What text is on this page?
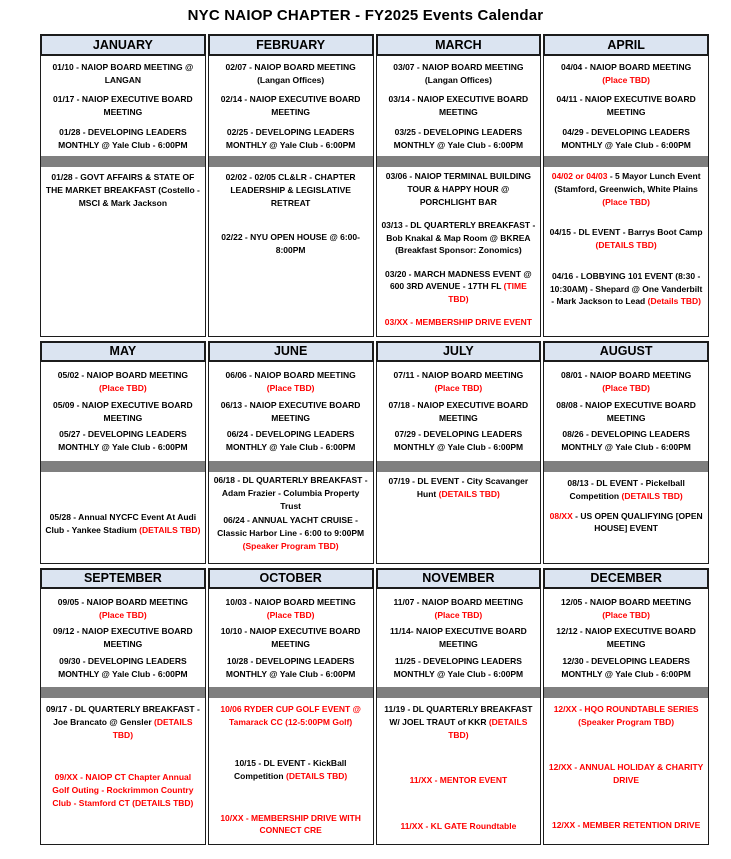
NYC NAIOP CHAPTER - FY2025 Events Calendar
JANUARY
01/10 - NAIOP BOARD MEETING @ LANGAN
01/17 - NAIOP EXECUTIVE BOARD MEETING
01/28 - DEVELOPING LEADERS MONTHLY @ Yale Club - 6:00PM
01/28 - GOVT AFFAIRS & STATE OF THE MARKET BREAKFAST (Costello - MSCI & Mark Jackson
FEBRUARY
02/07 - NAIOP BOARD MEETING (Langan Offices)
02/14 - NAIOP EXECUTIVE BOARD MEETING
02/25 - DEVELOPING LEADERS MONTHLY @ Yale Club - 6:00PM
02/02 - 02/05 CL&LR - CHAPTER LEADERSHIP & LEGISLATIVE RETREAT
02/22 - NYU OPEN HOUSE @ 6:00-8:00PM
MARCH
03/07 - NAIOP BOARD MEETING (Langan Offices)
03/14 - NAIOP EXECUTIVE BOARD MEETING
03/25 - DEVELOPING LEADERS MONTHLY @ Yale Club - 6:00PM
03/06 - NAIOP TERMINAL BUILDING TOUR & HAPPY HOUR @ PORCHLIGHT BAR
03/13 - DL QUARTERLY BREAKFAST - Bob Knakal & Map Room @ BKREA (Breakfast Sponsor: Zonomics)
03/20 - MARCH MADNESS EVENT @ 600 3RD AVENUE - 17TH FL (TIME TBD)
03/XX - MEMBERSHIP DRIVE EVENT
APRIL
04/04 - NAIOP BOARD MEETING (Place TBD)
04/11 - NAIOP EXECUTIVE BOARD MEETING
04/29 - DEVELOPING LEADERS MONTHLY @ Yale Club - 6:00PM
04/02 or 04/03 - 5 Mayor Lunch Event (Stamford, Greenwich, White Plains (Place TBD)
04/15 - DL EVENT - Barrys Boot Camp (DETAILS TBD)
04/16 - LOBBYING 101 EVENT (8:30 - 10:30AM) - Shepard @ One Vanderbilt - Mark Jackson to Lead (Details TBD)
MAY
05/02 - NAIOP BOARD MEETING (Place TBD)
05/09 - NAIOP EXECUTIVE BOARD MEETING
05/27 - DEVELOPING LEADERS MONTHLY @ Yale Club - 6:00PM
05/28 - Annual NYCFC Event At Audi Club - Yankee Stadium (DETAILS TBD)
JUNE
06/06 - NAIOP BOARD MEETING (Place TBD)
06/13 - NAIOP EXECUTIVE BOARD MEETING
06/24 - DEVELOPING LEADERS MONTHLY @ Yale Club - 6:00PM
06/18 - DL QUARTERLY BREAKFAST - Adam Frazier - Columbia Property Trust
06/24 - ANNUAL YACHT CRUISE - Classic Harbor Line - 6:00 to 9:00PM (Speaker Program TBD)
JULY
07/11 - NAIOP BOARD MEETING (Place TBD)
07/18 - NAIOP EXECUTIVE BOARD MEETING
07/29 - DEVELOPING LEADERS MONTHLY @ Yale Club - 6:00PM
07/19 - DL EVENT - City Scavanger Hunt (DETAILS TBD)
AUGUST
08/01 - NAIOP BOARD MEETING (Place TBD)
08/08 - NAIOP EXECUTIVE BOARD MEETING
08/26 - DEVELOPING LEADERS MONTHLY @ Yale Club - 6:00PM
08/13 - DL EVENT - Pickelball Competition (DETAILS TBD)
08/XX - US OPEN QUALIFYING [OPEN HOUSE] EVENT
SEPTEMBER
09/05 - NAIOP BOARD MEETING (Place TBD)
09/12 - NAIOP EXECUTIVE BOARD MEETING
09/30 - DEVELOPING LEADERS MONTHLY @ Yale Club - 6:00PM
09/17 - DL QUARTERLY BREAKFAST - Joe Brancato @ Gensler (DETAILS TBD)
09/XX - NAIOP CT Chapter Annual Golf Outing - Rockrimmon Country Club - Stamford CT (DETAILS TBD)
OCTOBER
10/03 - NAIOP BOARD MEETING (Place TBD)
10/10 - NAIOP EXECUTIVE BOARD MEETING
10/28 - DEVELOPING LEADERS MONTHLY @ Yale Club - 6:00PM
10/06 RYDER CUP GOLF EVENT @ Tamarack CC (12-5:00PM Golf)
10/15 - DL EVENT - KickBall Competition (DETAILS TBD)
10/XX - MEMBERSHIP DRIVE WITH CONNECT CRE
NOVEMBER
11/07 - NAIOP BOARD MEETING (Place TBD)
11/14- NAIOP EXECUTIVE BOARD MEETING
11/25 - DEVELOPING LEADERS MONTHLY @ Yale Club - 6:00PM
11/19 - DL QUARTERLY BREAKFAST W/ JOEL TRAUT of KKR (DETAILS TBD)
11/XX - MENTOR EVENT
11/XX - KL GATE Roundtable
DECEMBER
12/05 - NAIOP BOARD MEETING (Place TBD)
12/12 - NAIOP EXECUTIVE BOARD MEETING
12/30 - DEVELOPING LEADERS MONTHLY @ Yale Club - 6:00PM
12/XX - HQO ROUNDTABLE SERIES (Speaker Program TBD)
12/XX - ANNUAL HOLIDAY & CHARITY DRIVE
12/XX - MEMBER RETENTION DRIVE
